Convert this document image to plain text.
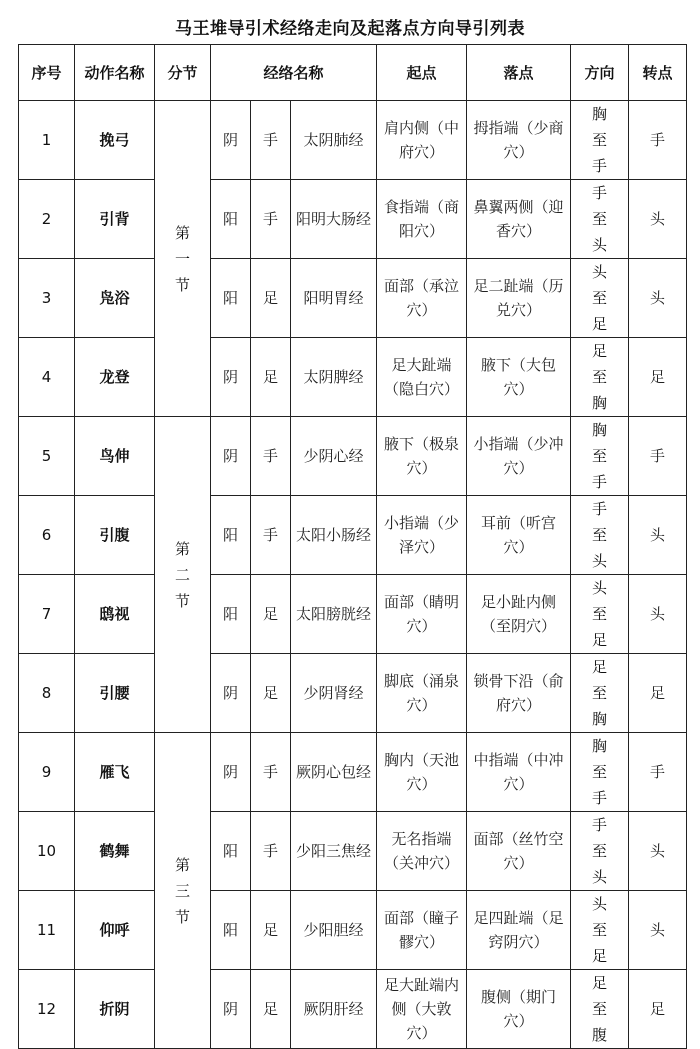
马王堆导引术经络走向及起落点方向导引列表
序号	动作名称	分节	经络名称			起点	落点	方向	转点
1	挽弓	第
一
节	阴	手	太阴肺经	肩内侧（中府穴）	拇指端（少商穴）	胸
至
手	手
2	引背		阳	手	阳明大肠经	食指端（商阳穴）	鼻翼两侧（迎香穴）	手
至
头	头
3	凫浴		阳	足	阳明胃经	面部（承泣穴）	足二趾端（历兑穴）	头
至
足	头
4	龙登		阴	足	太阴脾经	足大趾端（隐白穴）	腋下（大包穴）	足
至
胸	足
5	鸟伸	第
二
节	阴	手	少阴心经	腋下（极泉穴）	小指端（少冲穴）	胸
至
手	手
6	引腹		阳	手	太阳小肠经	小指端（少泽穴）	耳前（听宫穴）	手
至
头	头
7	鸱视		阳	足	太阳膀胱经	面部（睛明穴）	足小趾内侧（至阴穴）	头
至
足	头
8	引腰		阴	足	少阴肾经	脚底（涌泉穴）	锁骨下沿（俞府穴）	足
至
胸	足
9	雁飞	第
三
节	阴	手	厥阴心包经	胸内（天池穴）	中指端（中冲穴）	胸
至
手	手
10	鹤舞		阳	手	少阳三焦经	无名指端（关冲穴）	面部（丝竹空穴）	手
至
头	头
11	仰呼		阳	足	少阳胆经	面部（瞳子髎穴）	足四趾端（足窍阴穴）	头
至
足	头
12	折阴		阴	足	厥阴肝经	足大趾端内侧（大敦穴）	腹侧（期门穴）	足
至
腹	足
